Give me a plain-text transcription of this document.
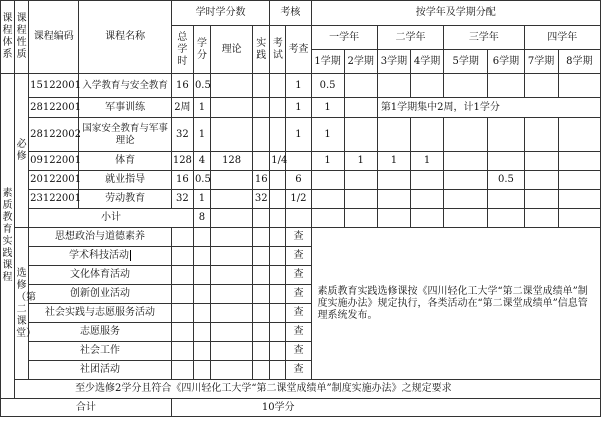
课程体系	课程性质	课程编码	课程名称	学时学分数				考核		按学年及学期分配							
				总学时	学分	理论	实践	考试	考查	一学年		二学年		三学年		四学年	
										1学期	2学期	3学期	4学期	5学期	6学期	7学期	8学期
素质教育实践课程	必修	15122001	入学教育与安全教育	16	0.5				1	0.5							
		28122001	军事训练	2周	1				1	1		第1学期集中2周，计1学分					
		28122002	国家安全教育与军事理论	32	1				1	1							
		09122001	体育	128	4	128		1/4		1	1	1	1				
		20122001	就业指导	16	0.5		16		6						0.5		
		23122001	劳动教育	32	1		32		1/2								
		小计			8												
	选修（第二课堂）	思想政治与道德素养							查	素质教育实践选修课按《四川轻化工大学“第二课堂成绩单”制度实施办法》规定执行，各类活动在“第二课堂成绩单”信息管理系统发布。							
		学术科技活动							查								
		文化体育活动							查								
		创新创业活动							查								
		社会实践与志愿服务活动							查								
		志愿服务							查								
		社会工作							查								
		社团活动							查								
	至少选修2学分且符合《四川轻化工大学“第二课堂成绩单”制度实施办法》之规定要求																
合计				10学分													
